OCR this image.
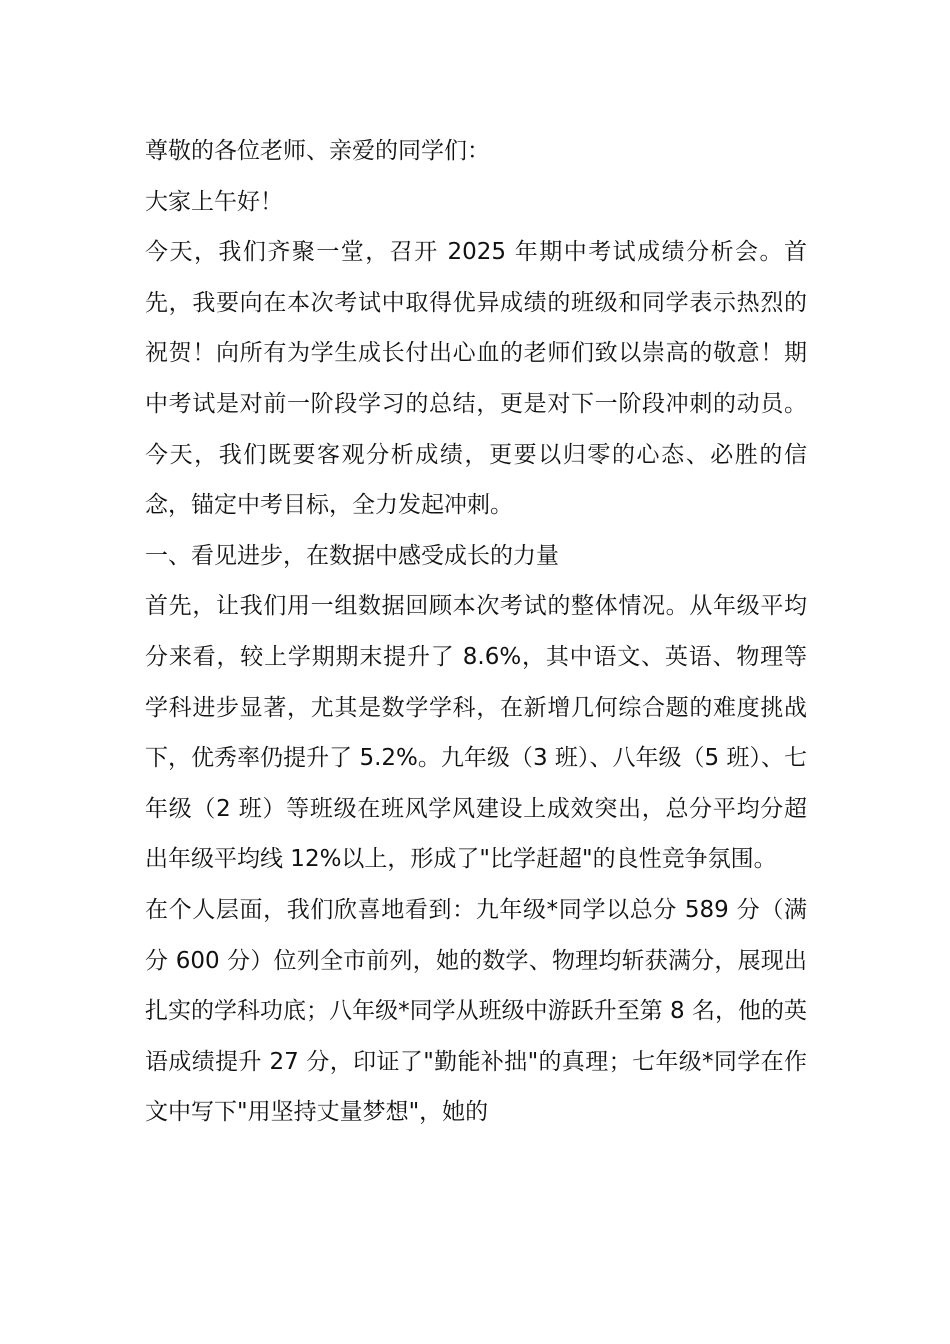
尊敬的各位老师、亲爱的同学们：

大家上午好！

今天，我们齐聚一堂，召开 2025 年期中考试成绩分析会。首先，我要向在本次考试中取得优异成绩的班级和同学表示热烈的祝贺！向所有为学生成长付出心血的老师们致以崇高的敬意！期中考试是对前一阶段学习的总结，更是对下一阶段冲刺的动员。今天，我们既要客观分析成绩，更要以归零的心态、必胜的信念，锚定中考目标，全力发起冲刺。

一、看见进步，在数据中感受成长的力量

首先，让我们用一组数据回顾本次考试的整体情况。从年级平均分来看，较上学期期末提升了 8.6%，其中语文、英语、物理等学科进步显著，尤其是数学学科，在新增几何综合题的难度挑战下，优秀率仍提升了 5.2%。九年级（3 班）、八年级（5 班）、七年级（2 班）等班级在班风学风建设上成效突出，总分平均分超出年级平均线 12%以上，形成了"比学赶超"的良性竞争氛围。

在个人层面，我们欣喜地看到：九年级*同学以总分 589 分（满分 600 分）位列全市前列，她的数学、物理均斩获满分，展现出扎实的学科功底；八年级*同学从班级中游跃升至第 8 名，他的英语成绩提升 27 分，印证了"勤能补拙"的真理；七年级*同学在作文中写下"用坚持丈量梦想"，她的
